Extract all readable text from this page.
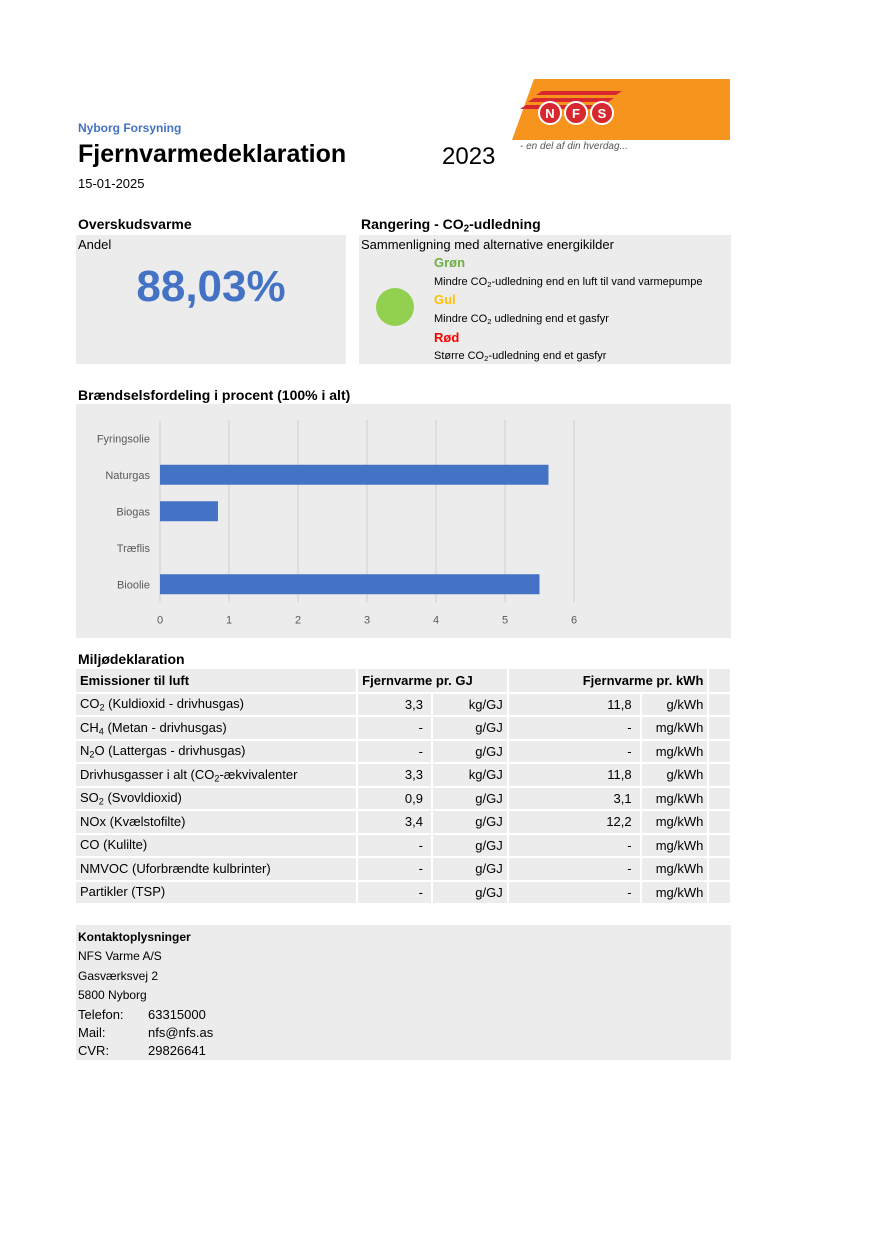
Nyborg Forsyning
Fjernvarmedeklaration	2023
15-01-2025
N F S
- en del af din hverdag...
Overskudsvarme
Andel
88,03%
Rangering - $CO_2$-udledning
Sammenligning med alternative energikilder
Grøn
Mindre $CO_2$-udledning end en luft til vand varmepumpe
Gul
Mindre $CO_2$ udledning end et gasfyr
Rød
Større $CO_2$-udledning end et gasfyr
Brændselsfordeling i procent (100% i alt)
Fyringsolie
Naturgas
Biogas
Træflis
Bioolie
0	1	2	3	4	5	6
Miljødeklaration
Emissioner til luft	Fjernvarme pr. GJ		Fjernvarme pr. kWh		
$CO_2$ (Kuldioxid - drivhusgas)	3,3	kg/GJ	11,8	g/kWh	
$CH_4$ (Metan - drivhusgas)	-	g/GJ	-	mg/kWh	
$N_2O$ (Lattergas - drivhusgas)	-	g/GJ	-	mg/kWh	
Drivhusgasser i alt ($CO_2$-ækvivalenter	3,3	kg/GJ	11,8	g/kWh	
$SO_2$ (Svovldioxid)	0,9	g/GJ	3,1	mg/kWh	
NOx (Kvælstofilte)	3,4	g/GJ	12,2	mg/kWh	
CO (Kulilte)	-	g/GJ	-	mg/kWh	
NMVOC (Uforbrændte kulbrinter)	-	g/GJ	-	mg/kWh	
Partikler (TSP)	-	g/GJ	-	mg/kWh	
Kontaktoplysninger
NFS Varme A/S
Gasværksvej 2
5800 Nyborg
Telefon: 63315000
Mail:	nfs@nfs.as
CVR:	29826641
